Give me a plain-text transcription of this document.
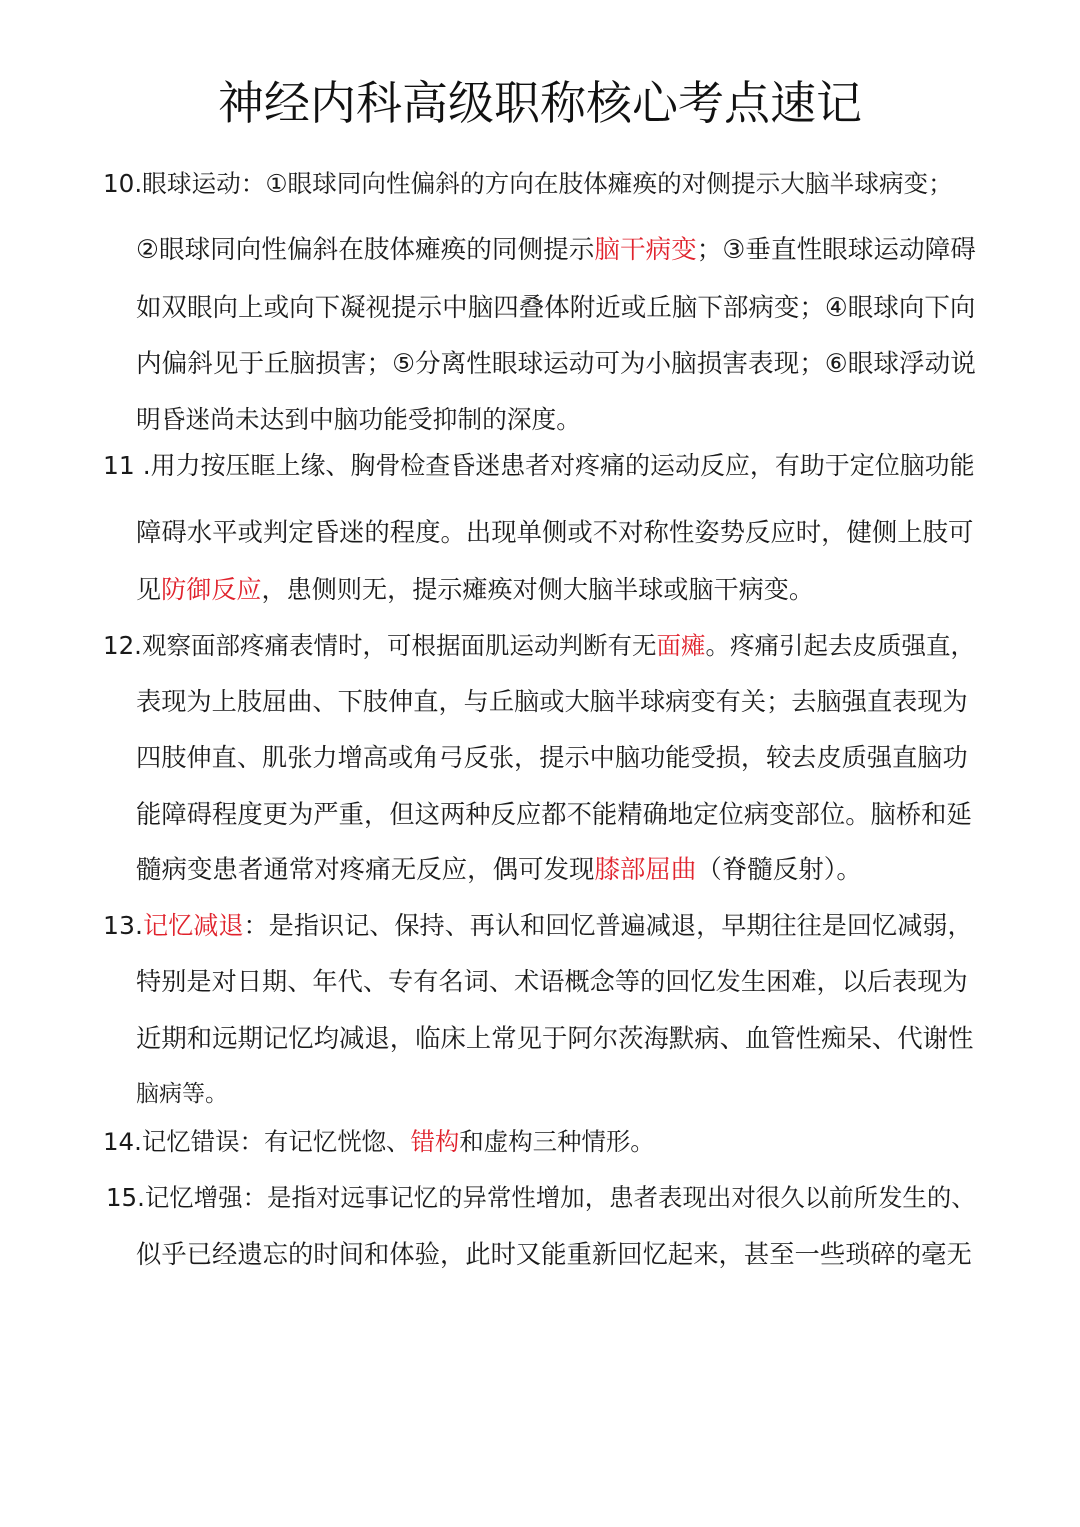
神经内科高级职称核心考点速记
10.眼球运动：①眼球同向性偏斜的方向在肢体瘫痪的对侧提示大脑半球病变；
②眼球同向性偏斜在肢体瘫痪的同侧提示脑干病变；③垂直性眼球运动障碍
如双眼向上或向下凝视提示中脑四叠体附近或丘脑下部病变；④眼球向下向
内偏斜见于丘脑损害；⑤分离性眼球运动可为小脑损害表现；⑥眼球浮动说
明昏迷尚未达到中脑功能受抑制的深度。
11 .用力按压眶上缘、胸骨检查昏迷患者对疼痛的运动反应，有助于定位脑功能
障碍水平或判定昏迷的程度。出现单侧或不对称性姿势反应时，健侧上肢可
见防御反应，患侧则无，提示瘫痪对侧大脑半球或脑干病变。
12.观察面部疼痛表情时，可根据面肌运动判断有无面瘫。疼痛引起去皮质强直，
表现为上肢屈曲、下肢伸直，与丘脑或大脑半球病变有关；去脑强直表现为
四肢伸直、肌张力增高或角弓反张，提示中脑功能受损，较去皮质强直脑功
能障碍程度更为严重，但这两种反应都不能精确地定位病变部位。脑桥和延
髓病变患者通常对疼痛无反应，偶可发现膝部屈曲（脊髓反射）。
13.记忆减退：是指识记、保持、再认和回忆普遍减退，早期往往是回忆减弱，
特别是对日期、年代、专有名词、术语概念等的回忆发生困难，以后表现为
近期和远期记忆均减退，临床上常见于阿尔茨海默病、血管性痴呆、代谢性
脑病等。
14.记忆错误：有记忆恍惚、错构和虚构三种情形。
15.记忆增强：是指对远事记忆的异常性增加，患者表现出对很久以前所发生的、
似乎已经遗忘的时间和体验，此时又能重新回忆起来，甚至一些琐碎的毫无
